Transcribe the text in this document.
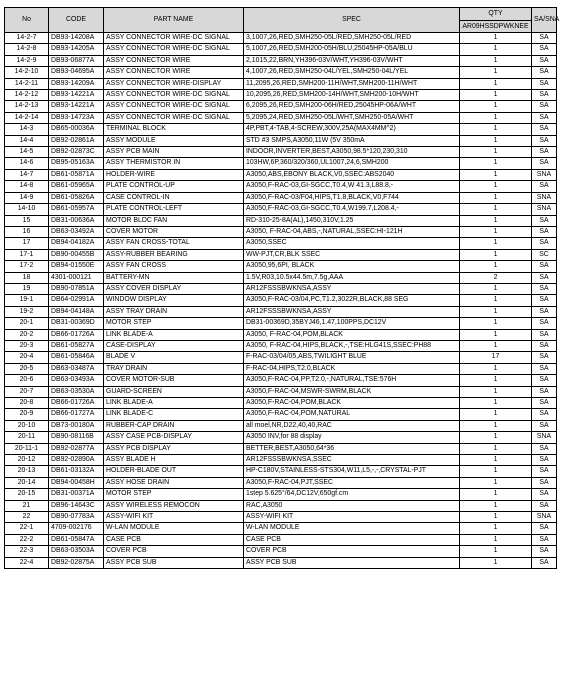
No	CODE	PART NAME	SPEC	QTY	SA/SNA
				AR09HSSDPWKNEE	
14-2-7	DB93-14208A	ASSY CONNECTOR WIRE-DC SIGNAL	3,1007,26,RED,SMH250-05L/RED,SMH250-05L/RED	1	SA
14-2-8	DB93-14205A	ASSY CONNECTOR WIRE-DC SIGNAL	5,1007,26,RED,SMH200-05H/BLU,25045HP-05A/BLU	1	SA
14-2-9	DB93-06877A	ASSY CONNECTOR WIRE	2,1015,22,BRN,YH396-03V/WHT,YH396-03V/WHT	1	SA
14-2-10	DB93-04695A	ASSY CONNECTOR WIRE	4,1007,26,RED,SMH250-04L/YEL,SMH250-04L/YEL	1	SA
14-2-11	DB93-14209A	ASSY CONNECTOR WIRE-DISPLAY	11,2095,26,RED,SMH200-11H/WHT,SMH200-11H/WHT	1	SA
14-2-12	DB93-14221A	ASSY CONNECTOR WIRE-DC SIGNAL	10,2095,26,RED,SMH200-14H/WHT,SMH200-10H/WHT	1	SA
14-2-13	DB93-14221A	ASSY CONNECTOR WIRE-DC SIGNAL	6,2095,26,RED,SMH200-06H/RED,25045HP-06A/WHT	1	SA
14-2-14	DB93-14723A	ASSY CONNECTOR WIRE-DC SIGNAL	5,2095,24,RED,SMH250-05L/WHT,SMH250-05A/WHT	1	SA
14-3	DB65-00036A	TERMINAL BLOCK	4P,PBT,4-TAB,4-SCREW,300V,25A(MAX4MM^2)	1	SA
14-4	DB92-02861A	ASSY MODULE	STD #3 SMPS,A3050,11W (5V 350mA	1	SA
14-5	DB92-02873C	ASSY PCB MAIN	INDOOR,INVERTER,BEST,A3050,98.5*120,230,310	1	SA
14-6	DB95-05163A	ASSY THERMISTOR IN	103HW,6P,360/320/360,UL1007,24,6,SMH200	1	SA
14-7	DB61-05871A	HOLDER-WIRE	A3050,ABS,EBONY BLACK,V0,SSEC:ABS2040	1	SNA
14-8	DB61-05965A	PLATE CONTROL-UP	A3050,F-RAC-03,GI-SGCC,T0.4,W 41.3,L88.8,-	1	SA
14-9	DB61-05826A	CASE CONTROL-IN	A3050,F-RAC-03/F04,HIPS,T1.8,BLACK,V0,F744	1	SNA
14-10	DB61-05957A	PLATE CONTROL-LEFT	A3050,F-RAC-03,GI-SGCC,T0.4,W199.7,L208.4,-	1	SNA
15	DB31-00636A	MOTOR BLDC FAN	RD-310-25-8A(AL),1450,310V,1.25	1	SA
16	DB63-03492A	COVER MOTOR	A3050, F-RAC-04,ABS,-,NATURAL,SSEC:HI-121H	1	SA
17	DB94-04182A	ASSY FAN CROSS-TOTAL	A3050,SSEC	1	SA
17-1	DB90-00455B	ASSY-RUBBER BEARING	WW-PJT,CR,BLK SSEC	1	SC
17-2	DB94-01550E	ASSY FAN CROSS	A3050,95,6PI, BLACK	1	SA
18	4301-000121	BATTERY-MN	1.5V,R03,10.5x44.5m,7.5g,AAA	2	SA
19	DB90-07851A	ASSY COVER DISPLAY	AR12FSSSBWKNSA,ASSY	1	SA
19-1	DB64-02991A	WINDOW DISPLAY	A3050,F-RAC-03/04,PC,T1.2,3022R,BLACK,88 SEG	1	SA
19-2	DB94-04148A	ASSY TRAY DRAIN	AR12FSSSBWKNSA,ASSY	1	SA
20-1	DB31-00369D	MOTOR STEP	DB31-00369D,35BYJ46,1.47,100PPS,DC12V	1	SA
20-2	DB66-01726A	LINK BLADE-A	A3050, F-RAC-04,POM,BLACK	1	SA
20-3	DB61-05827A	CASE-DISPLAY	A3050, F-RAC-04,HIPS,BLACK,-,TSE:HLG41S,SSEC:PH88	1	SA
20-4	DB61-05846A	BLADE V	F-RAC-03/04/05,ABS,TWILIGHT BLUE	17	SA
20-5	DB63-03487A	TRAY DRAIN	F-RAC-04,HIPS,T2.0,BLACK	1	SA
20-6	DB63-03493A	COVER MOTOR-SUB	A3050,F-RAC-04,PP,T2.0,-,NATURAL,TSE:576H	1	SA
20-7	DB63-03530A	GUARD-SCREEN	A3050,F-RAC-04,MSWR-SWRM,BLACK	1	SA
20-8	DB66-01726A	LINK BLADE-A	A3050,F-RAC-04,POM,BLACK	1	SA
20-9	DB66-01727A	LINK BLADE-C	A3050,F-RAC-04,POM,NATURAL	1	SA
20-10	DB73-00180A	RUBBER-CAP DRAIN	all moel,NR,D22,40,40,RAC	1	SA
20-11	DB90-08116B	ASSY CASE PCB-DISPLAY	A3050 INV,for 88 display	1	SNA
20-11-1	DB92-02877A	ASSY PCB DISPLAY	BETTER,BEST,A3050,64*36	1	SA
20-12	DB92-02890A	ASSY BLADE H	AR12FSSSBWKNSA,SSEC	1	SA
20-13	DB61-03132A	HOLDER-BLADE OUT	HP-C180V,STAINLESS-STS304,W11,L5,-,-,CRYSTAL-PJT	1	SA
20-14	DB94-00458H	ASSY HOSE DRAIN	A3050,F-RAC-04,PJT,SSEC	1	SA
20-15	DB31-00371A	MOTOR STEP	1step 5.625°/64,DC12V,650gf.cm	1	SA
21	DB96-14643C	ASSY WIRELESS REMOCON	RAC,A3050	1	SA
22	DB90-07783A	ASSY-WIFI KIT	ASSY-WIFI KIT	1	SNA
22-1	4709-002176	W-LAN MODULE	W-LAN MODULE	1	SA
22-2	DB61-05847A	CASE PCB	CASE PCB	1	SA
22-3	DB63-03503A	COVER PCB	COVER PCB	1	SA
22-4	DB92-02875A	ASSY PCB SUB	ASSY PCB SUB	1	SA
